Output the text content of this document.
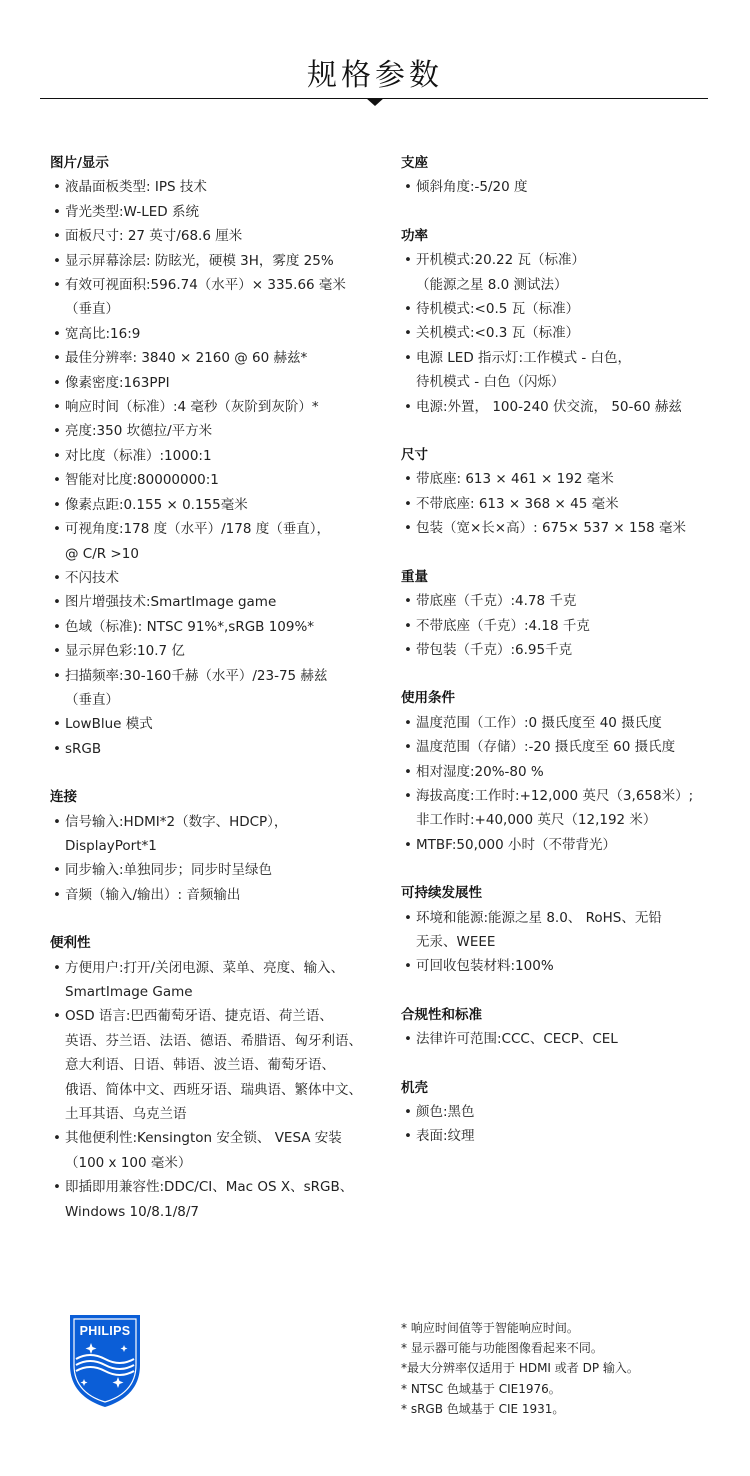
规格参数
图片/显示
• 液晶面板类型: IPS 技术
• 背光类型:W-LED 系统
• 面板尺寸: 27 英寸/68.6 厘米
• 显示屏幕涂层: 防眩光，硬模 3H，雾度 25%
• 有效可视面积:596.74（水平）× 335.66 毫米
（垂直）
• 宽高比:16:9
• 最佳分辨率: 3840 × 2160 @ 60 赫兹*
• 像素密度:163PPI
• 响应时间（标准）:4 毫秒（灰阶到灰阶）*
• 亮度:350 坎德拉/平方米
• 对比度（标准）:1000:1
• 智能对比度:80000000:1
• 像素点距:0.155 × 0.155毫米
• 可视角度:178 度（水平）/178 度（垂直），
@ C/R >10
• 不闪技术
• 图片增强技术:SmartImage game
• 色域（标准): NTSC 91%*,sRGB 109%*
• 显示屏色彩:10.7 亿
• 扫描频率:30-160千赫（水平）/23-75 赫兹
（垂直）
• LowBlue 模式
• sRGB
连接
• 信号输入:HDMI*2（数字、HDCP），
DisplayPort*1
• 同步输入:单独同步；同步时呈绿色
• 音频（输入/输出）: 音频输出
便利性
• 方便用户:打开/关闭电源、菜单、亮度、输入、
SmartImage Game
• OSD 语言:巴西葡萄牙语、捷克语、荷兰语、
英语、芬兰语、法语、德语、希腊语、匈牙利语、
意大利语、日语、韩语、波兰语、葡萄牙语、
俄语、简体中文、西班牙语、瑞典语、繁体中文、
土耳其语、乌克兰语
• 其他便利性:Kensington 安全锁、 VESA 安装
（100 x 100 毫米）
• 即插即用兼容性:DDC/CI、Mac OS X、sRGB、
Windows 10/8.1/8/7
支座
• 倾斜角度:-5/20 度
功率
• 开机模式:20.22 瓦（标准）
（能源之星 8.0 测试法）
• 待机模式:<0.5 瓦（标准）
• 关机模式:<0.3 瓦（标准）
• 电源 LED 指示灯:工作模式 - 白色，
待机模式 - 白色（闪烁）
• 电源:外置， 100-240 伏交流， 50-60 赫兹
尺寸
• 带底座: 613 × 461 × 192 毫米
• 不带底座: 613 × 368 × 45 毫米
• 包装（宽×长×高）: 675× 537 × 158 毫米
重量
• 带底座（千克）:4.78 千克
• 不带底座（千克）:4.18 千克
• 带包装（千克）:6.95千克
使用条件
• 温度范围（工作）:0 摄氏度至 40 摄氏度
• 温度范围（存储）:-20 摄氏度至 60 摄氏度
• 相对湿度:20%-80 %
• 海拔高度:工作时:+12,000 英尺（3,658米）;
非工作时:+40,000 英尺（12,192 米）
• MTBF:50,000 小时（不带背光）
可持续发展性
• 环境和能源:能源之星 8.0、 RoHS、无铅
无汞、WEEE
• 可回收包装材料:100%
合规性和标准
• 法律许可范围:CCC、CECP、CEL
机壳
• 颜色:黑色
• 表面:纹理
PHILIPS	* 响应时间值等于智能响应时间。
* 显示器可能与功能图像看起来不同。
*最大分辨率仅适用于 HDMI 或者 DP 输入。
* NTSC 色域基于 CIE1976。
* sRGB 色域基于 CIE 1931。
